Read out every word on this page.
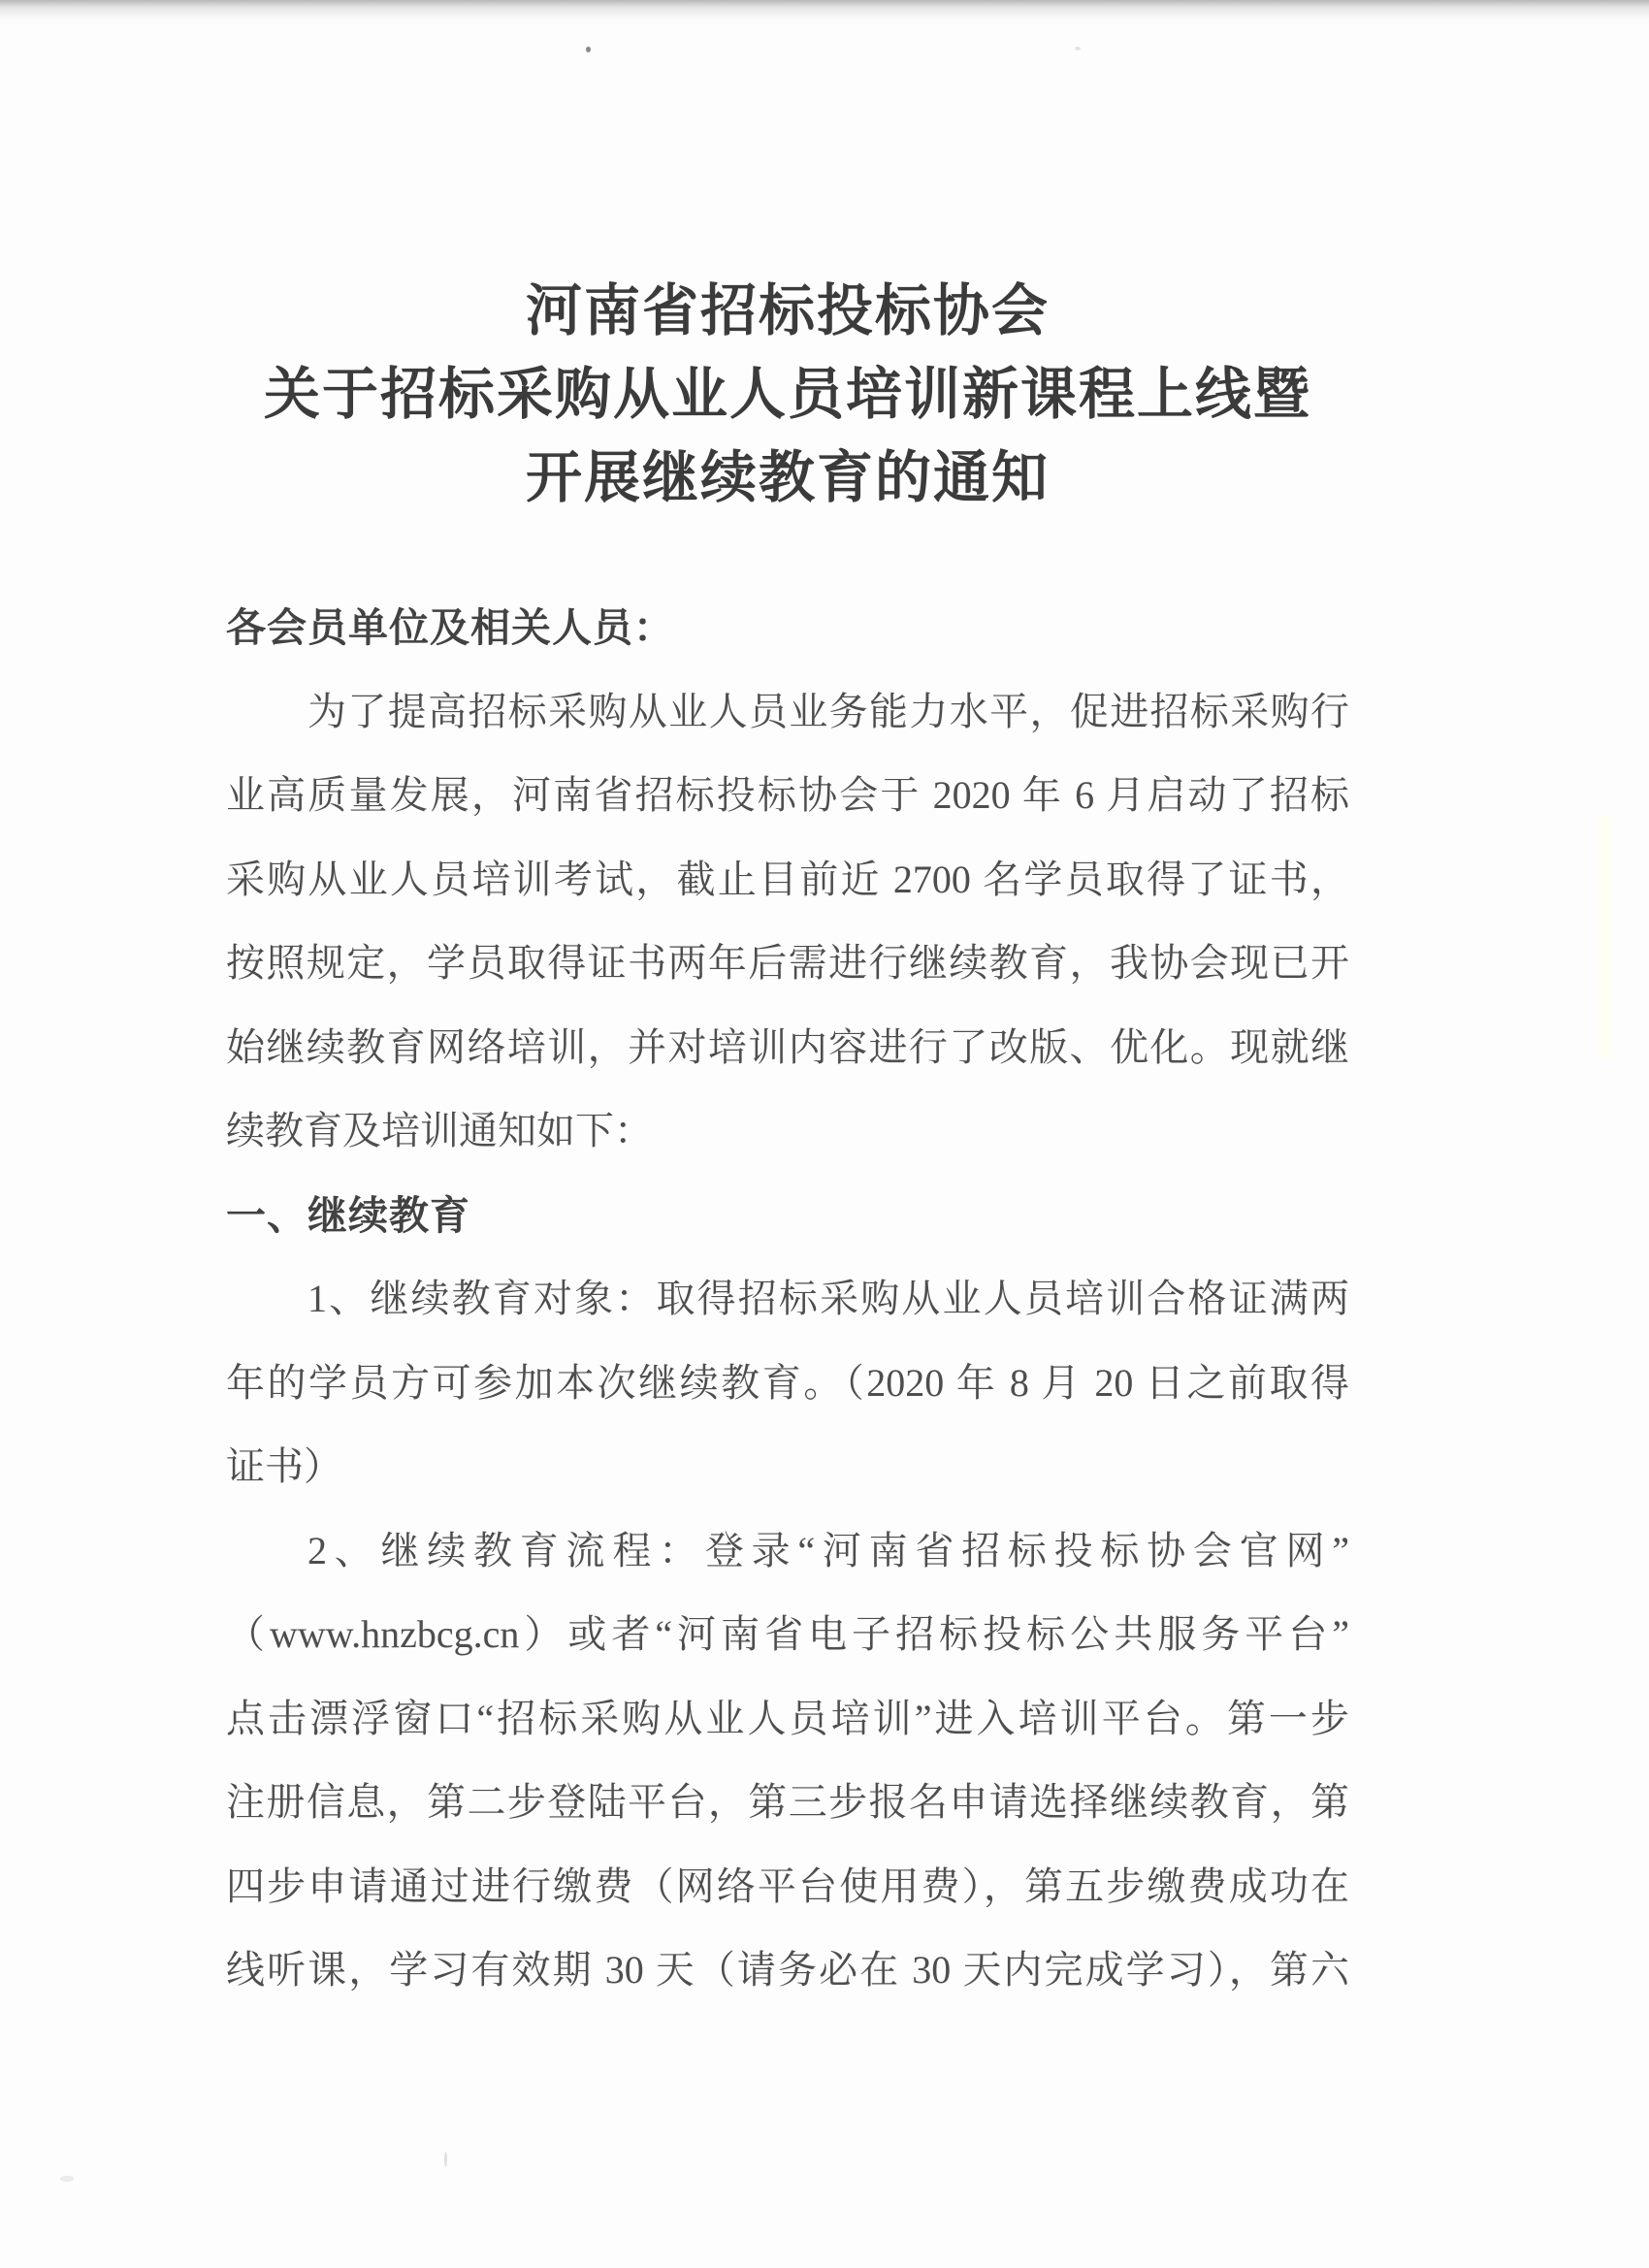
河南省招标投标协会
关于招标采购从业人员培训新课程上线暨
开展继续教育的通知
各会员单位及相关人员：
为了提高招标采购从业人员业务能力水平，促进招标采购行
业高质量发展，河南省招标投标协会于 2020 年 6 月启动了招标
采购从业人员培训考试，截止目前近 2700 名学员取得了证书，
按照规定，学员取得证书两年后需进行继续教育，我协会现已开
始继续教育网络培训，并对培训内容进行了改版、优化。现就继
续教育及培训通知如下：
一、继续教育
1、继续教育对象：取得招标采购从业人员培训合格证满两
年的学员方可参加本次继续教育。（2020 年 8 月 20 日之前取得
证书）
2、继续教育流程：登录“河南省招标投标协会官网”
（www.hnzbcg.cn）或者“河南省电子招标投标公共服务平台”
点击漂浮窗口“招标采购从业人员培训”进入培训平台。第一步
注册信息，第二步登陆平台，第三步报名申请选择继续教育，第
四步申请通过进行缴费（网络平台使用费），第五步缴费成功在
线听课，学习有效期 30 天（请务必在 30 天内完成学习），第六
